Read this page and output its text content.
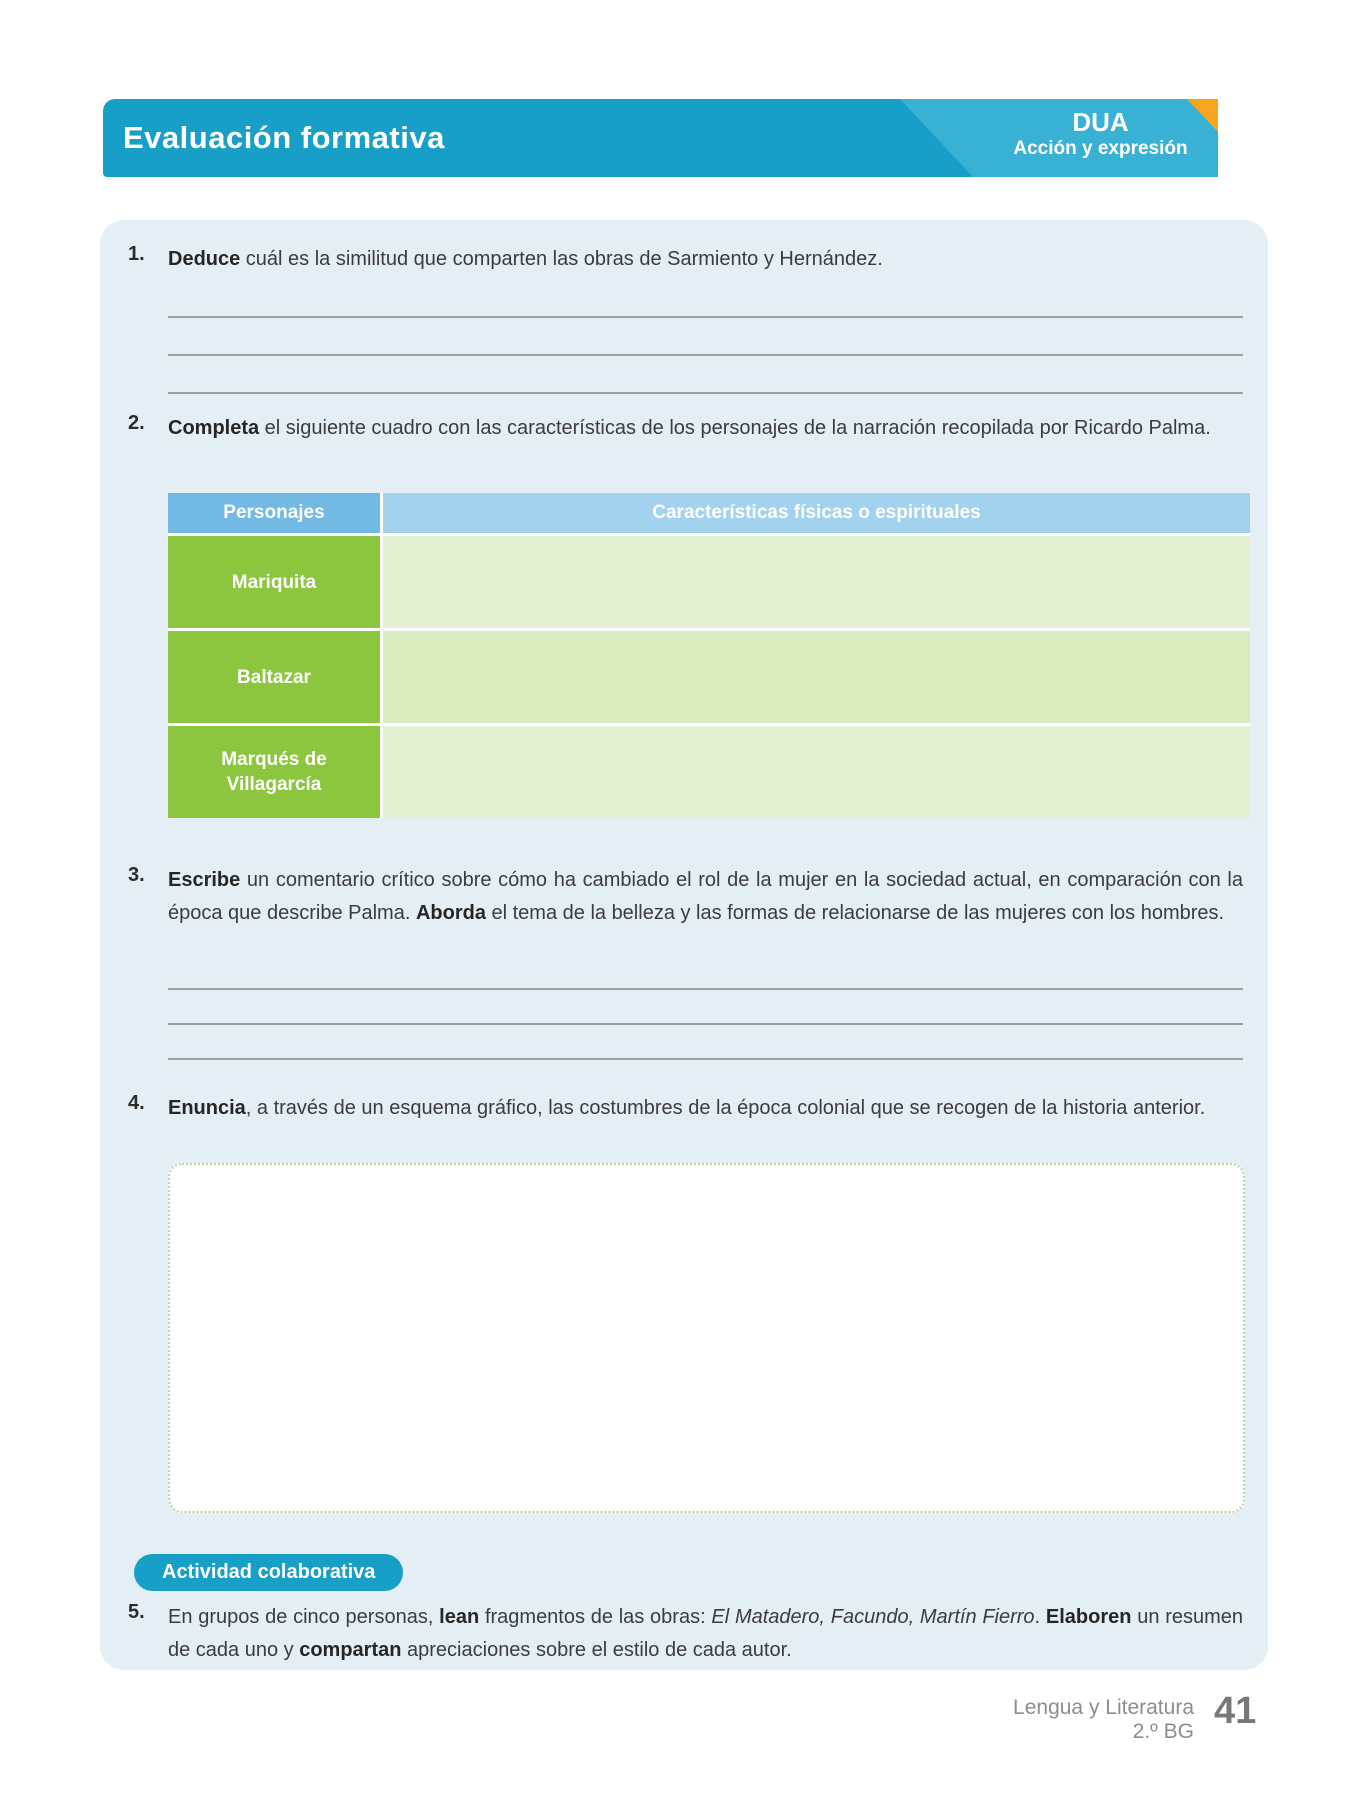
Evaluación formativa	DUA
Acción y expresión
1.	Deduce cuál es la similitud que comparten las obras de Sarmiento y Hernández.

2.	Completa el siguiente cuadro con las características de los personajes de la narración recopilada por Ricardo Palma.

Personajes	Características físicas o espirituales
Mariquita
Baltazar
Marqués de Villagarcía
3.	Escribe un comentario crítico sobre cómo ha cambiado el rol de la mujer en la sociedad actual, en comparación con la época que describe Palma. Aborda el tema de la belleza y las formas de relacionarse de las mujeres con los hombres.

4.	Enuncia, a través de un esquema gráfico, las costumbres de la época colonial que se recogen de la historia anterior.

Actividad colaborativa
5.	En grupos de cinco personas, lean fragmentos de las obras: El Matadero, Facundo, Martín Fierro. Elaboren un resumen de cada uno y compartan apreciaciones sobre el estilo de cada autor.

Lengua y Literatura
2.º BG 41
